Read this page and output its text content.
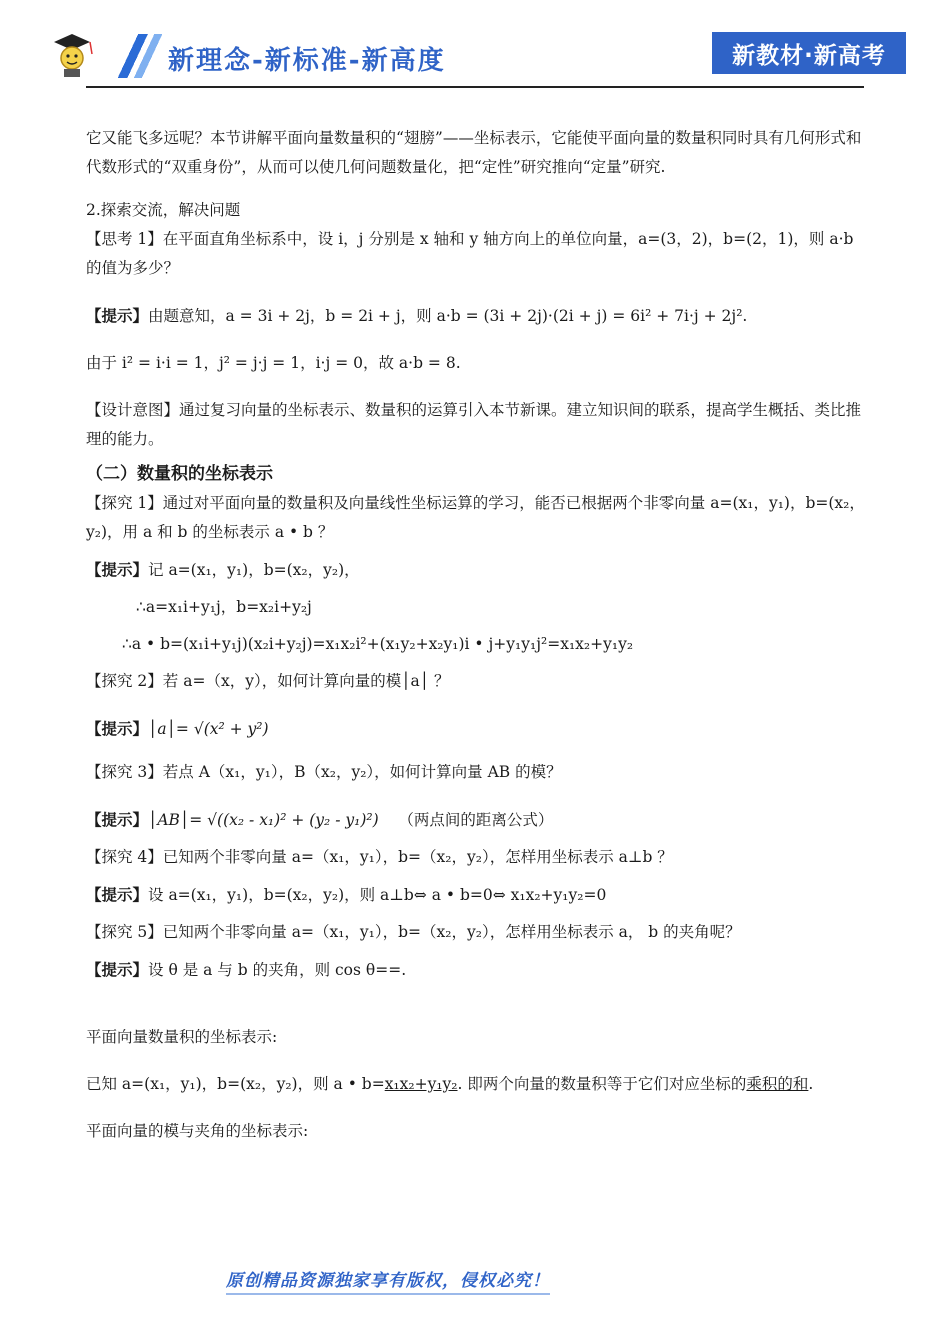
新理念-新标准-新高度	新教材·新高考

它又能飞多远呢？本节讲解平面向量数量积的“翅膀”——坐标表示，它能使平面向量的数量积同时具有几何形式和代数形式的“双重身份”，从而可以使几何问题数量化，把“定性”研究推向“定量”研究.

2.探索交流，解决问题

【思考 1】在平面直角坐标系中，设 i，j 分别是 x 轴和 y 轴方向上的单位向量，a=(3，2)，b=(2，1)，则 a·b 的值为多少？

【提示】由题意知，a = 3i + 2j，b = 2i + j，则 a·b = (3i + 2j)·(2i + j) = 6i² + 7i·j + 2j².

由于 i² = i·i = 1，j² = j·j = 1，i·j = 0，故 a·b = 8.

【设计意图】通过复习向量的坐标表示、数量积的运算引入本节新课。建立知识间的联系，提高学生概括、类比推理的能力。

（二）数量积的坐标表示

【探究 1】通过对平面向量的数量积及向量线性坐标运算的学习，能否已根据两个非零向量 a=(x₁，y₁)，b=(x₂，y₂)，用 a 和 b 的坐标表示 a • b ？

【提示】记 a=(x₁，y₁)，b=(x₂，y₂)，

∴a=x₁i+y₁j，b=x₂i+y₂j

∴a • b=(x₁i+y₁j)(x₂i+y₂j)=x₁x₂i²+(x₁y₂+x₂y₁)i • j+y₁y₁j²=x₁x₂+y₁y₂

【探究 2】若 a=（x，y），如何计算向量的模│a│ ？

【提示】│a│= √(x² + y²)

【探究 3】若点 A（x₁，y₁），B（x₂，y₂），如何计算向量 AB 的模？

【提示】│AB│= √((x₂ - x₁)² + (y₂ - y₁)²) （两点间的距离公式）

【探究 4】已知两个非零向量 a=（x₁，y₁），b=（x₂，y₂），怎样用坐标表示 a⊥b ？

【提示】设 a=(x₁，y₁)，b=(x₂，y₂)，则 a⊥b⇔ a • b=0⇔ x₁x₂+y₁y₂=0

【探究 5】已知两个非零向量 a=（x₁，y₁），b=（x₂，y₂），怎样用坐标表示 a， b 的夹角呢？

【提示】设 θ 是 a 与 b 的夹角，则 cos θ==.

平面向量数量积的坐标表示:

已知 a=(x₁，y₁)，b=(x₂，y₂)，则 a • b=x₁x₂+y₁y₂. 即两个向量的数量积等于它们对应坐标的乘积的和.

平面向量的模与夹角的坐标表示:

原创精品资源独家享有版权，侵权必究！
